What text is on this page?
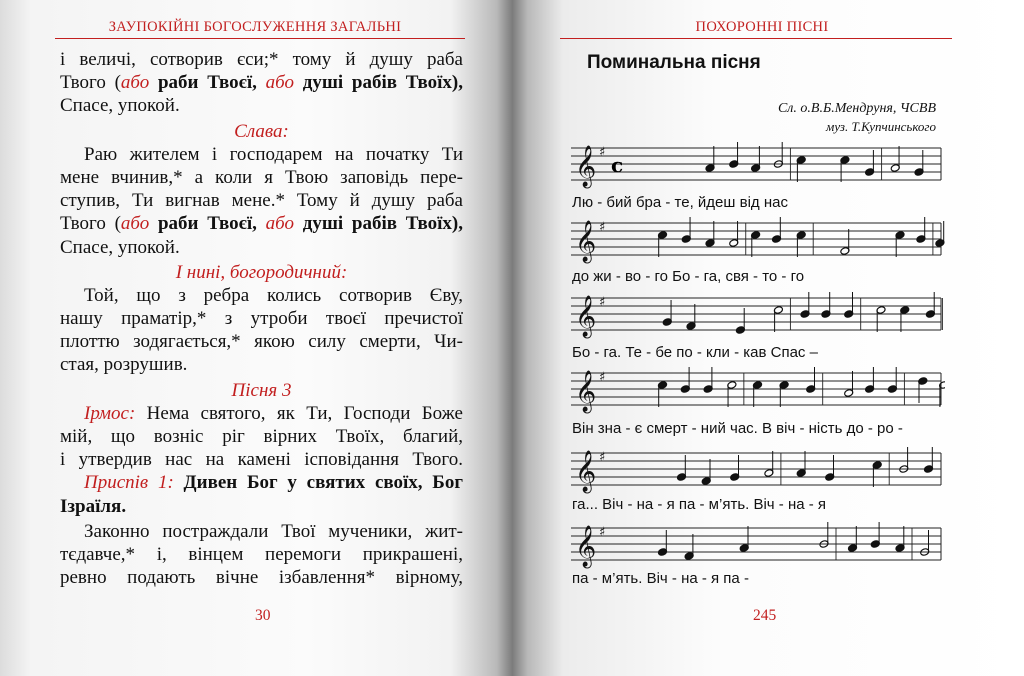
ЗАУПОКІЙНІ БОГОСЛУЖЕННЯ ЗАГАЛЬНІ
і величі, сотворив єси;* тому й душу раба
Твого (або раби Твоєї, або душі рабів Твоїх),
Спасе, упокой.
Слава:
Раю жителем і господарем на початку Ти
мене вчинив,* а коли я Твою заповідь пере-
ступив, Ти вигнав мене.* Тому й душу раба
Твого (або раби Твоєї, або душі рабів Твоїх),
Спасе, упокой.
І нині, богородичний:
Той, що з ребра колись сотворив Єву,
нашу праматір,* з утроби твоєї пречистої
плоттю зодягається,* якою силу смерти, Чи-
стая, розрушив.
Пісня 3
Ірмос: Нема святого, як Ти, Господи Боже
мій, що возніс ріг вірних Твоїх, благий,
і утвердив нас на камені ісповідання Твого.
Приспів 1: Дивен Бог у святих своїх, Бог
Ізраїля.
Законно постраждали Твої мученики, жит-
тєдавче,* і, вінцем перемоги прикрашені,
ревно подають вічне ізбавлення* вірному,
30
ПОХОРОННІ ПІСНІ
Поминальна пісня
Сл. о.В.Б.Мендруня, ЧСВВ
муз. Т.Купчинського
𝄞 ♯
c
Лю - бий бра - те, йдеш від нас
𝄞 ♯
до жи - во - го Бо - га, свя - то - го
𝄞 ♯
Бо - га. Те - бе по - кли - кав Спас –
𝄞 ♯
Він зна - є смерт - ний час. В віч - ність до - ро -
𝄞 ♯
га... Віч - на - я па - м’ять. Віч - на - я
𝄞 ♯
па - м’ять. Віч - на - я па -
245
